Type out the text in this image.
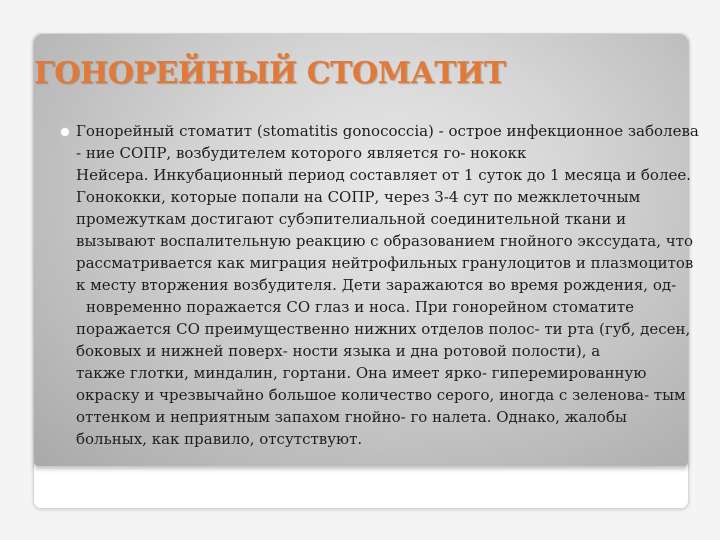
ГОНОРЕЙНЫЙ СТОМАТИТ

Гонорейный стоматит (stomatitis gonococcia) - острое инфекционное заболева
- ние СОПР, возбудителем которого является го- нококк
Нейсера. Инкубационный период составляет от 1 суток до 1 месяца и более.
Гонококки, которые попали на СОПР, через 3-4 сут по межклеточным
промежуткам достигают субэпителиальной соединительной ткани и
вызывают воспалительную реакцию с образованием гнойного экссудата, что
рассматривается как миграция нейтрофильных гранулоцитов и плазмоцитов
к месту вторжения возбудителя. Дети заражаются во время рождения, од-
новременно поражается СО глаз и носа. При гонорейном стоматите
поражается СО преимущественно нижних отделов полос- ти рта (губ, десен,
боковых и нижней поверх- ности языка и дна ротовой полости), а
также глотки, миндалин, гортани. Она имеет ярко- гиперемированную
окраску и чрезвычайно большое количество серого, иногда с зеленова- тым
оттенком и неприятным запахом гнойно- го налета. Однако, жалобы
больных, как правило, отсутствуют.
